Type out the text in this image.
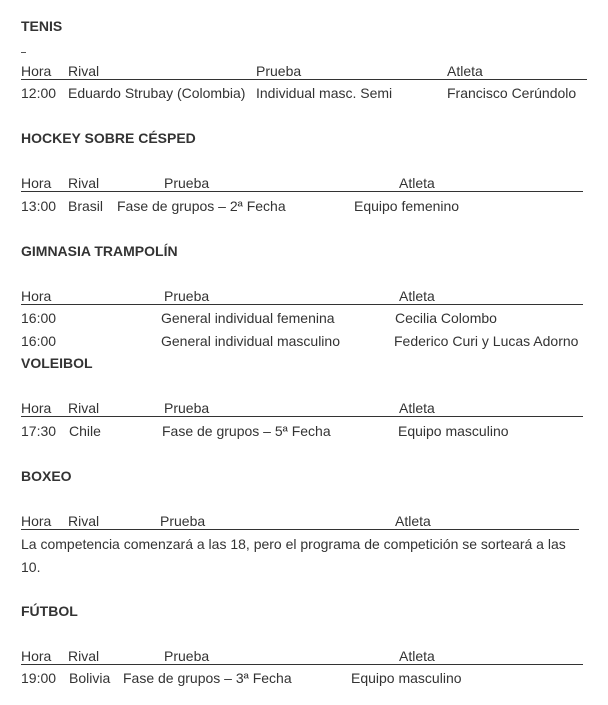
TENIS
Hora Rival	Prueba	Atleta
12:00 Eduardo Strubay (Colombia) Individual masc. Semi	Francisco Cerúndolo
HOCKEY SOBRE CÉSPED
Hora Rival	Prueba	Atleta
13:00 Brasil Fase de grupos – 2ª Fecha	Equipo femenino
GIMNASIA TRAMPOLÍN
Hora	Prueba	Atleta
16:00	General individual femenina	Cecilia Colombo
16:00	General individual masculino	Federico Curi y Lucas Adorno
VOLEIBOL
Hora Rival	Prueba	Atleta
17:30 Chile	Fase de grupos – 5ª Fecha	Equipo masculino
BOXEO
Hora Rival	Prueba	Atleta
La competencia comenzará a las 18, pero el programa de competición se sorteará a las 10.
FÚTBOL
Hora Rival	Prueba	Atleta
19:00 Bolivia Fase de grupos – 3ª Fecha	Equipo masculino
